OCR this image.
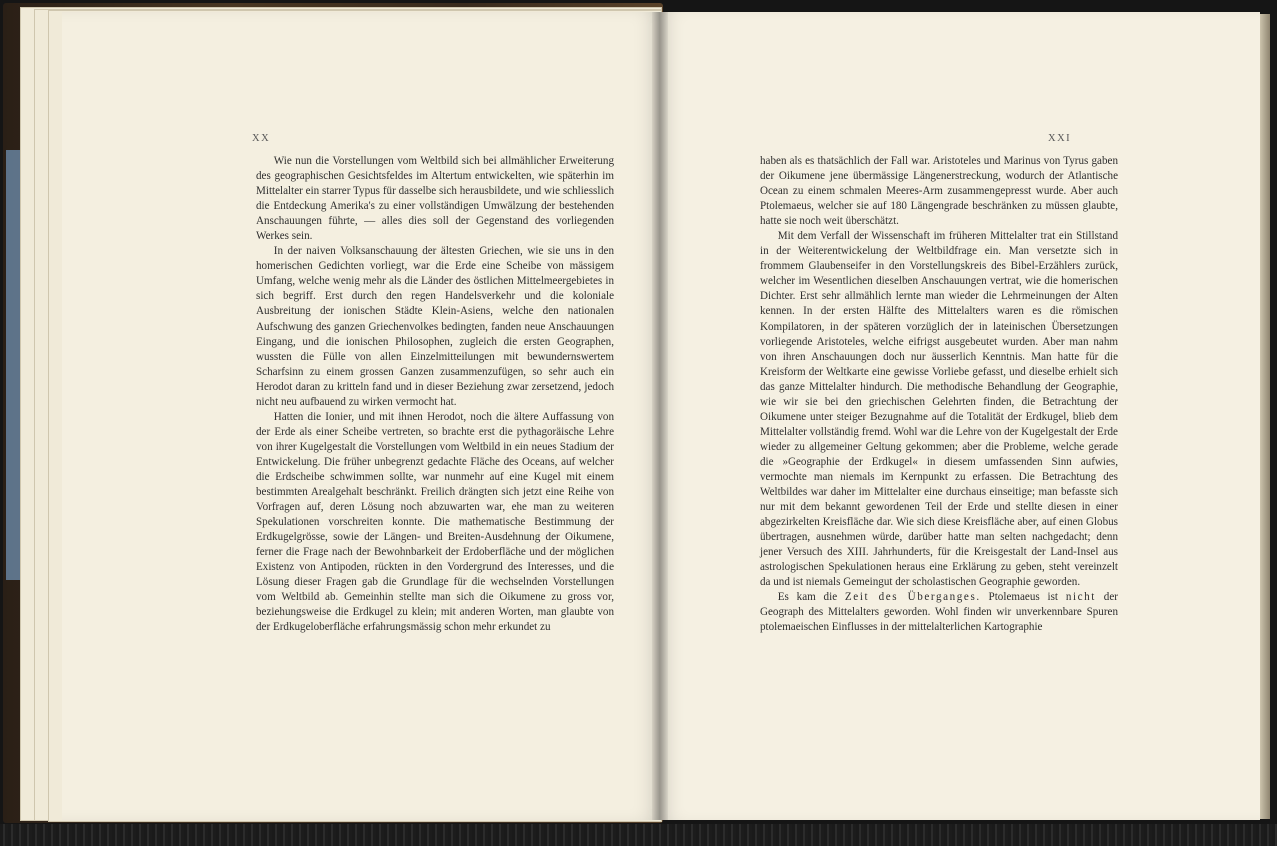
XX

Wie nun die Vorstellungen vom Weltbild sich bei allmählicher Erweiterung des geographischen Gesichtsfeldes im Altertum entwickelten, wie späterhin im Mittelalter ein starrer Typus für dasselbe sich herausbildete, und wie schliesslich die Entdeckung Amerika's zu einer vollständigen Umwälzung der bestehenden Anschauungen führte, — alles dies soll der Gegenstand des vorliegenden Werkes sein.

In der naiven Volksanschauung der ältesten Griechen, wie sie uns in den homerischen Gedichten vorliegt, war die Erde eine Scheibe von mässigem Umfang, welche wenig mehr als die Länder des östlichen Mittelmeergebietes in sich begriff. Erst durch den regen Handelsverkehr und die koloniale Ausbreitung der ionischen Städte Klein-Asiens, welche den nationalen Aufschwung des ganzen Griechenvolkes bedingten, fanden neue Anschauungen Eingang, und die ionischen Philosophen, zugleich die ersten Geographen, wussten die Fülle von allen Einzelmitteilungen mit bewundernswertem Scharfsinn zu einem grossen Ganzen zusammenzufügen, so sehr auch ein Herodot daran zu kritteln fand und in dieser Beziehung zwar zersetzend, jedoch nicht neu aufbauend zu wirken vermocht hat.

Hatten die Ionier, und mit ihnen Herodot, noch die ältere Auffassung von der Erde als einer Scheibe vertreten, so brachte erst die pythagoräische Lehre von ihrer Kugelgestalt die Vorstellungen vom Weltbild in ein neues Stadium der Entwickelung. Die früher unbegrenzt gedachte Fläche des Oceans, auf welcher die Erdscheibe schwimmen sollte, war nunmehr auf eine Kugel mit einem bestimmten Arealgehalt beschränkt. Freilich drängten sich jetzt eine Reihe von Vorfragen auf, deren Lösung noch abzuwarten war, ehe man zu weiteren Spekulationen vorschreiten konnte. Die mathematische Bestimmung der Erdkugelgrösse, sowie der Längen- und Breiten-Ausdehnung der Oikumene, ferner die Frage nach der Bewohnbarkeit der Erdoberfläche und der möglichen Existenz von Antipoden, rückten in den Vordergrund des Interesses, und die Lösung dieser Fragen gab die Grundlage für die wechselnden Vorstellungen vom Weltbild ab. Gemeinhin stellte man sich die Oikumene zu gross vor, beziehungsweise die Erdkugel zu klein; mit anderen Worten, man glaubte von der Erdkugeloberfläche erfahrungsmässig schon mehr erkundet zu

XXI

haben als es thatsächlich der Fall war. Aristoteles und Marinus von Tyrus gaben der Oikumene jene übermässige Längenerstreckung, wodurch der Atlantische Ocean zu einem schmalen Meeres-Arm zusammengepresst wurde. Aber auch Ptolemaeus, welcher sie auf 180 Längengrade beschränken zu müssen glaubte, hatte sie noch weit überschätzt.

Mit dem Verfall der Wissenschaft im früheren Mittelalter trat ein Stillstand in der Weiterentwickelung der Weltbildfrage ein. Man versetzte sich in frommem Glaubenseifer in den Vorstellungskreis des Bibel-Erzählers zurück, welcher im Wesentlichen dieselben Anschauungen vertrat, wie die homerischen Dichter. Erst sehr allmählich lernte man wieder die Lehrmeinungen der Alten kennen. In der ersten Hälfte des Mittelalters waren es die römischen Kompilatoren, in der späteren vorzüglich der in lateinischen Übersetzungen vorliegende Aristoteles, welche eifrigst ausgebeutet wurden. Aber man nahm von ihren Anschauungen doch nur äusserlich Kenntnis. Man hatte für die Kreisform der Weltkarte eine gewisse Vorliebe gefasst, und dieselbe erhielt sich das ganze Mittelalter hindurch. Die methodische Behandlung der Geographie, wie wir sie bei den griechischen Gelehrten finden, die Betrachtung der Oikumene unter steiger Bezugnahme auf die Totalität der Erdkugel, blieb dem Mittelalter vollständig fremd. Wohl war die Lehre von der Kugelgestalt der Erde wieder zu allgemeiner Geltung gekommen; aber die Probleme, welche gerade die »Geographie der Erdkugel« in diesem umfassenden Sinn aufwies, vermochte man niemals im Kernpunkt zu erfassen. Die Betrachtung des Weltbildes war daher im Mittelalter eine durchaus einseitige; man befasste sich nur mit dem bekannt gewordenen Teil der Erde und stellte diesen in einer abgezirkelten Kreisfläche dar. Wie sich diese Kreisfläche aber, auf einen Globus übertragen, ausnehmen würde, darüber hatte man selten nachgedacht; denn jener Versuch des XIII. Jahrhunderts, für die Kreisgestalt der Land-Insel aus astrologischen Spekulationen heraus eine Erklärung zu geben, steht vereinzelt da und ist niemals Gemeingut der scholastischen Geographie geworden.

Es kam die Zeit des Überganges. Ptolemaeus ist nicht der Geograph des Mittelalters geworden. Wohl finden wir unverkennbare Spuren ptolemaeischen Einflusses in der mittelalterlichen Kartographie
